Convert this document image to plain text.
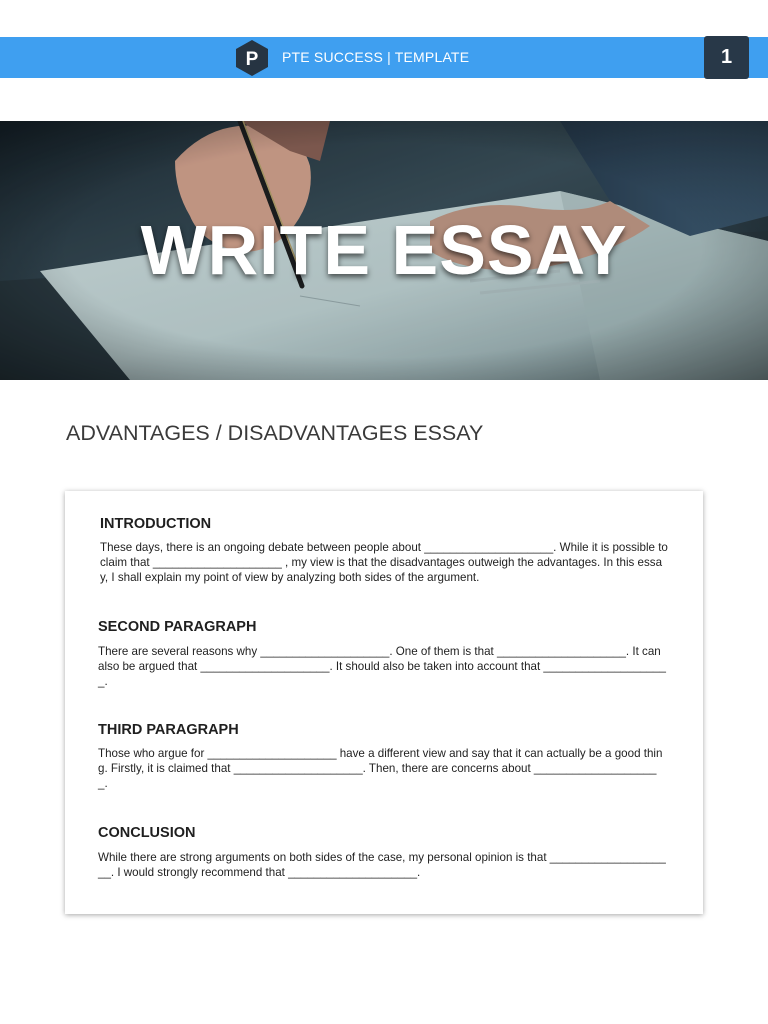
P PTE SUCCESS | TEMPLATE	1
WRITE ESSAY
ADVANTAGES / DISADVANTAGES ESSAY
INTRODUCTION

These days, there is an ongoing debate between people about ____________________. While it is possible to claim that ____________________ , my view is that the disadvantages outweigh the advantages. In this essay, I shall explain my point of view by analyzing both sides of the argument.

SECOND PARAGRAPH

There are several reasons why ____________________. One of them is that ____________________. It can also be argued that ____________________. It should also be taken into account that ____________________.

THIRD PARAGRAPH

Those who argue for ____________________ have a different view and say that it can actually be a good thing. Firstly, it is claimed that ____________________. Then, there are concerns about ____________________.

CONCLUSION

While there are strong arguments on both sides of the case, my personal opinion is that ____________________. I would strongly recommend that ____________________.
